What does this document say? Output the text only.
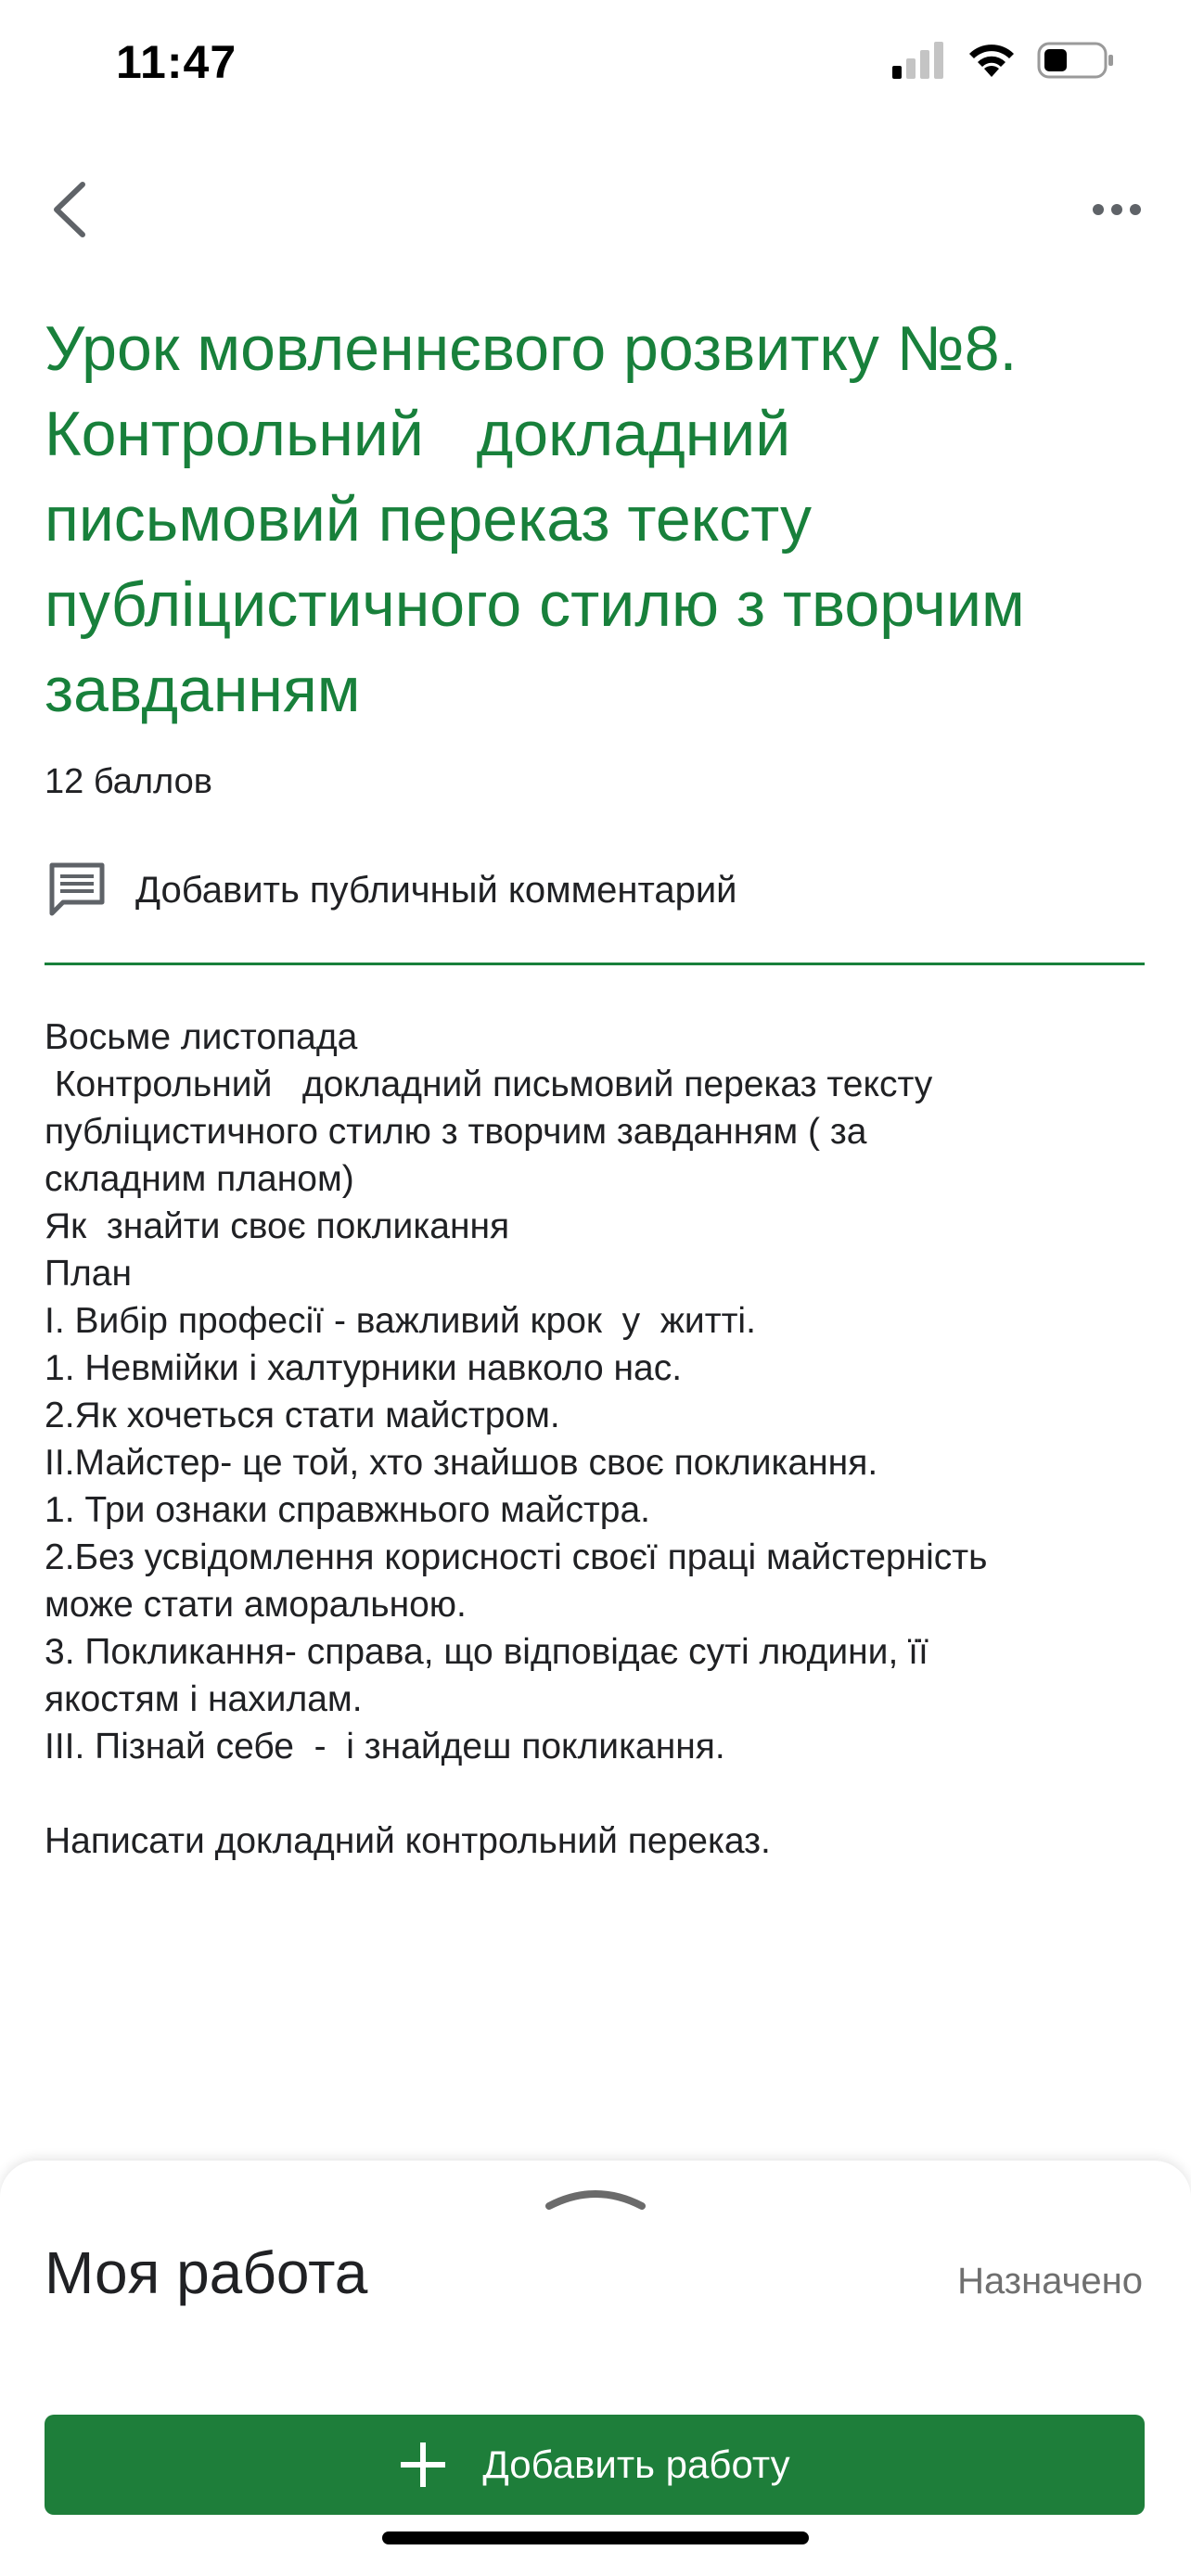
11:47
Урок мовленнєвого розвитку №8.
Контрольний   докладний
письмовий переказ тексту
публіцистичного стилю з творчим
завданням
12 баллов
Добавить публичный комментарий
Восьме листопада
Контрольний   докладний письмовий переказ тексту
публіцистичного стилю з творчим завданням ( за
складним планом)
Як  знайти своє покликання
План
І. Вибір професії - важливий крок  у  житті.
1. Невмійки і халтурники навколо нас.
2.Як хочеться стати майстром.
ІІ.Майстер- це той, хто знайшов своє покликання.
1. Три ознаки справжнього майстра.
2.Без усвідомлення корисності своєї праці майстерність
може стати аморальною.
3. Покликання- справа, що відповідає суті людини, її
якостям і нахилам.
ІІІ. Пізнай себе  -  і знайдеш покликання.
Написати докладний контрольний переказ.
Моя работа	Назначено
Добавить работу
